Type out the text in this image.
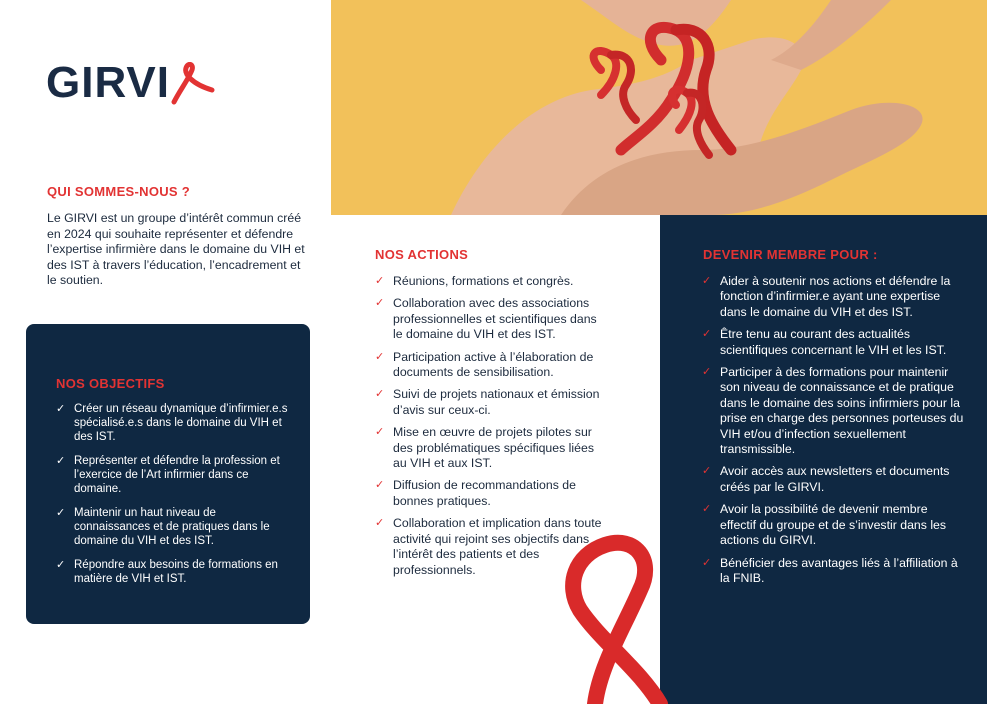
GIRVI
QUI SOMMES-NOUS ?
Le GIRVI est un groupe d’intérêt commun créé en 2024 qui souhaite représenter et défendre l’expertise infirmière dans le domaine du VIH et des IST à travers l’éducation, l’encadrement et le soutien.
NOS OBJECTIFS
✓ Créer un réseau dynamique d’infirmier.e.s spécialisé.e.s dans le domaine du VIH et des IST.
✓ Représenter et défendre la profession et l’exercice de l’Art infirmier dans ce domaine.
✓ Maintenir un haut niveau de connaissances et de pratiques dans le domaine du VIH et des IST.
✓ Répondre aux besoins de formations en matière de VIH et IST.
NOS ACTIONS
✓ Réunions, formations et congrès.
✓ Collaboration avec des associations professionnelles et scientifiques dans le domaine du VIH et des IST.
✓ Participation active à l’élaboration de documents de sensibilisation.
✓ Suivi de projets nationaux et émission d’avis sur ceux-ci.
✓ Mise en œuvre de projets pilotes sur des problématiques spécifiques liées au VIH et aux IST.
✓ Diffusion de recommandations de bonnes pratiques.
✓ Collaboration et implication dans toute activité qui rejoint ses objectifs dans l’intérêt des patients et des professionnels.
DEVENIR MEMBRE POUR :
✓ Aider à soutenir nos actions et défendre la fonction d’infirmier.e ayant une expertise dans le domaine du VIH et des IST.
✓ Être tenu au courant des actualités scientifiques concernant le VIH et les IST.
✓ Participer à des formations pour maintenir son niveau de connaissance et de pratique dans le domaine des soins infirmiers pour la prise en charge des personnes porteuses du VIH et/ou d’infection sexuellement transmissible.
✓ Avoir accès aux newsletters et documents créés par le GIRVI.
✓ Avoir la possibilité de devenir membre effectif du groupe et de s’investir dans les actions du GIRVI.
✓ Bénéficier des avantages liés à l’affiliation à la FNIB.
